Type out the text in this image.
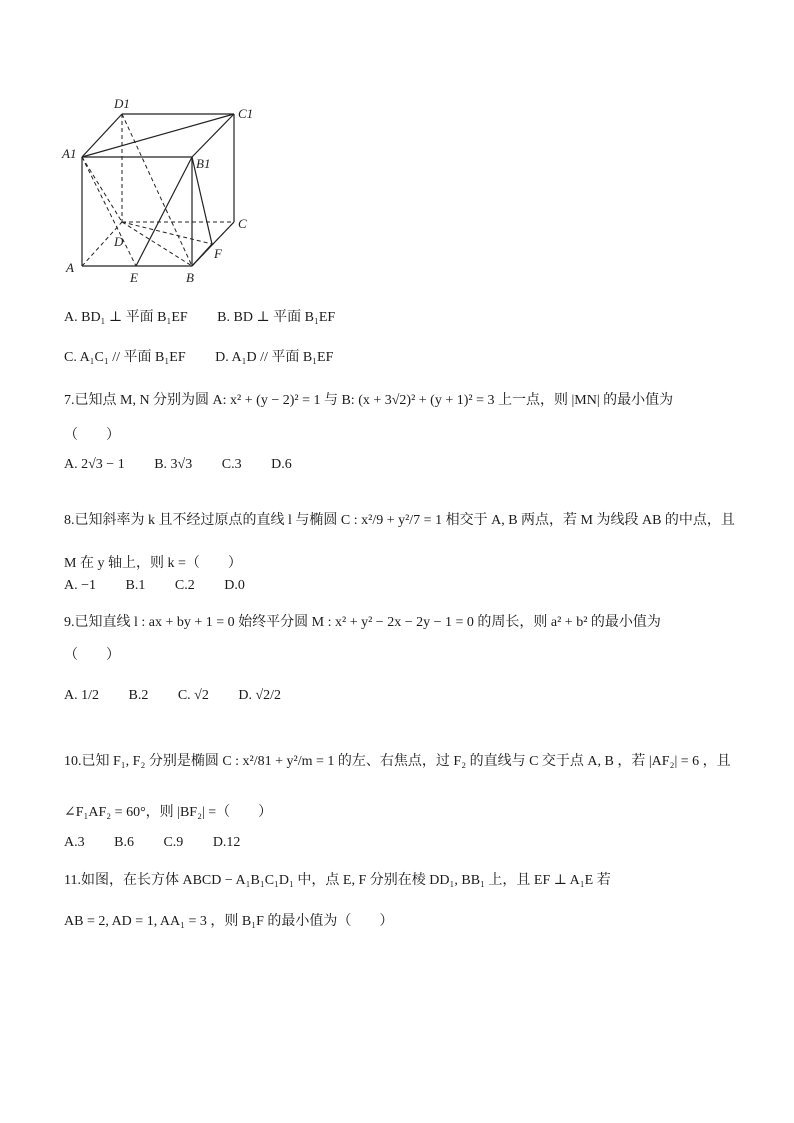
D1
C1
A1
B1
C
D
F
A
E	B
A. BD₁ ⊥ 平面 B₁EF B. BD ⊥ 平面 B₁EF
C. A₁C₁ // 平面 B₁EF D. A₁D // 平面 B₁EF
7.已知点 M, N 分别为圆 A: x² + (y − 2)² = 1 与 B: (x + 3√2)² + (y + 1)² = 3 上一点，则 |MN| 的最小值为
（　　）
A. 2√3 − 1 B. 3√3 C.3 D.6
8.已知斜率为 k 且不经过原点的直线 l 与椭圆 C : x²/9 + y²/7 = 1 相交于 A, B 两点，若 M 为线段 AB 的中点，且
M 在 y 轴上，则 k =（　　）
A. −1 B.1 C.2 D.0
9.已知直线 l : ax + by + 1 = 0 始终平分圆 M : x² + y² − 2x − 2y − 1 = 0 的周长，则 a² + b² 的最小值为
（　　）
A. 1/2 B.2 C. √2 D. √2/2
10.已知 F₁, F₂ 分别是椭圆 C : x²/81 + y²/m = 1 的左、右焦点，过 F₂ 的直线与 C 交于点 A, B ，若 |AF₂| = 6 ，且
∠F₁AF₂ = 60°，则 |BF₂| =（　　）
A.3 B.6 C.9 D.12
11.如图，在长方体 ABCD − A₁B₁C₁D₁ 中，点 E, F 分别在棱 DD₁, BB₁ 上，且 EF ⊥ A₁E 若
AB = 2, AD = 1, AA₁ = 3 ，则 B₁F 的最小值为（　　）
